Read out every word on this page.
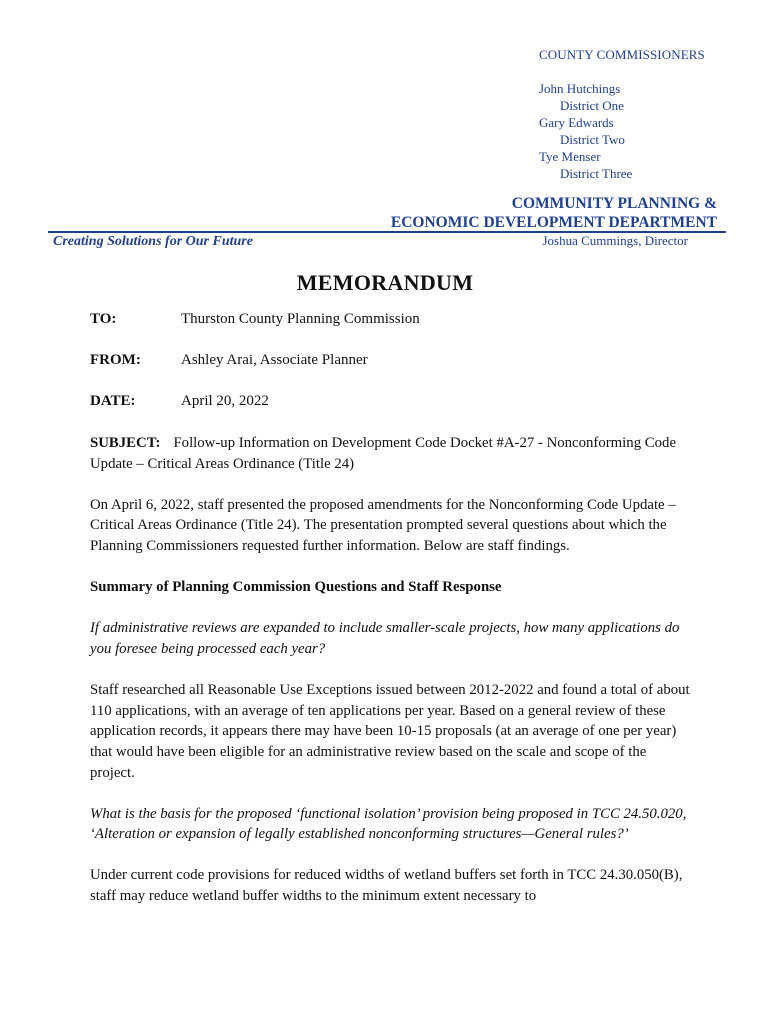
COUNTY COMMISSIONERS
John Hutchings
District One
Gary Edwards
District Two
Tye Menser
District Three
COMMUNITY PLANNING &
ECONOMIC DEVELOPMENT DEPARTMENT
Creating Solutions for Our Future	Joshua Cummings, Director
MEMORANDUM
TO:	Thurston County Planning Commission
FROM:	Ashley Arai, Associate Planner
DATE:	April 20, 2022

SUBJECT: Follow-up Information on Development Code Docket #A-27 - Nonconforming Code Update – Critical Areas Ordinance (Title 24)

On April 6, 2022, staff presented the proposed amendments for the Nonconforming Code Update – Critical Areas Ordinance (Title 24). The presentation prompted several questions about which the Planning Commissioners requested further information. Below are staff findings.

Summary of Planning Commission Questions and Staff Response

If administrative reviews are expanded to include smaller-scale projects, how many applications do you foresee being processed each year?

Staff researched all Reasonable Use Exceptions issued between 2012-2022 and found a total of about 110 applications, with an average of ten applications per year. Based on a general review of these application records, it appears there may have been 10-15 proposals (at an average of one per year) that would have been eligible for an administrative review based on the scale and scope of the project.

What is the basis for the proposed ‘functional isolation’ provision being proposed in TCC 24.50.020, ‘Alteration or expansion of legally established nonconforming structures—General rules?’

Under current code provisions for reduced widths of wetland buffers set forth in TCC 24.30.050(B), staff may reduce wetland buffer widths to the minimum extent necessary to
